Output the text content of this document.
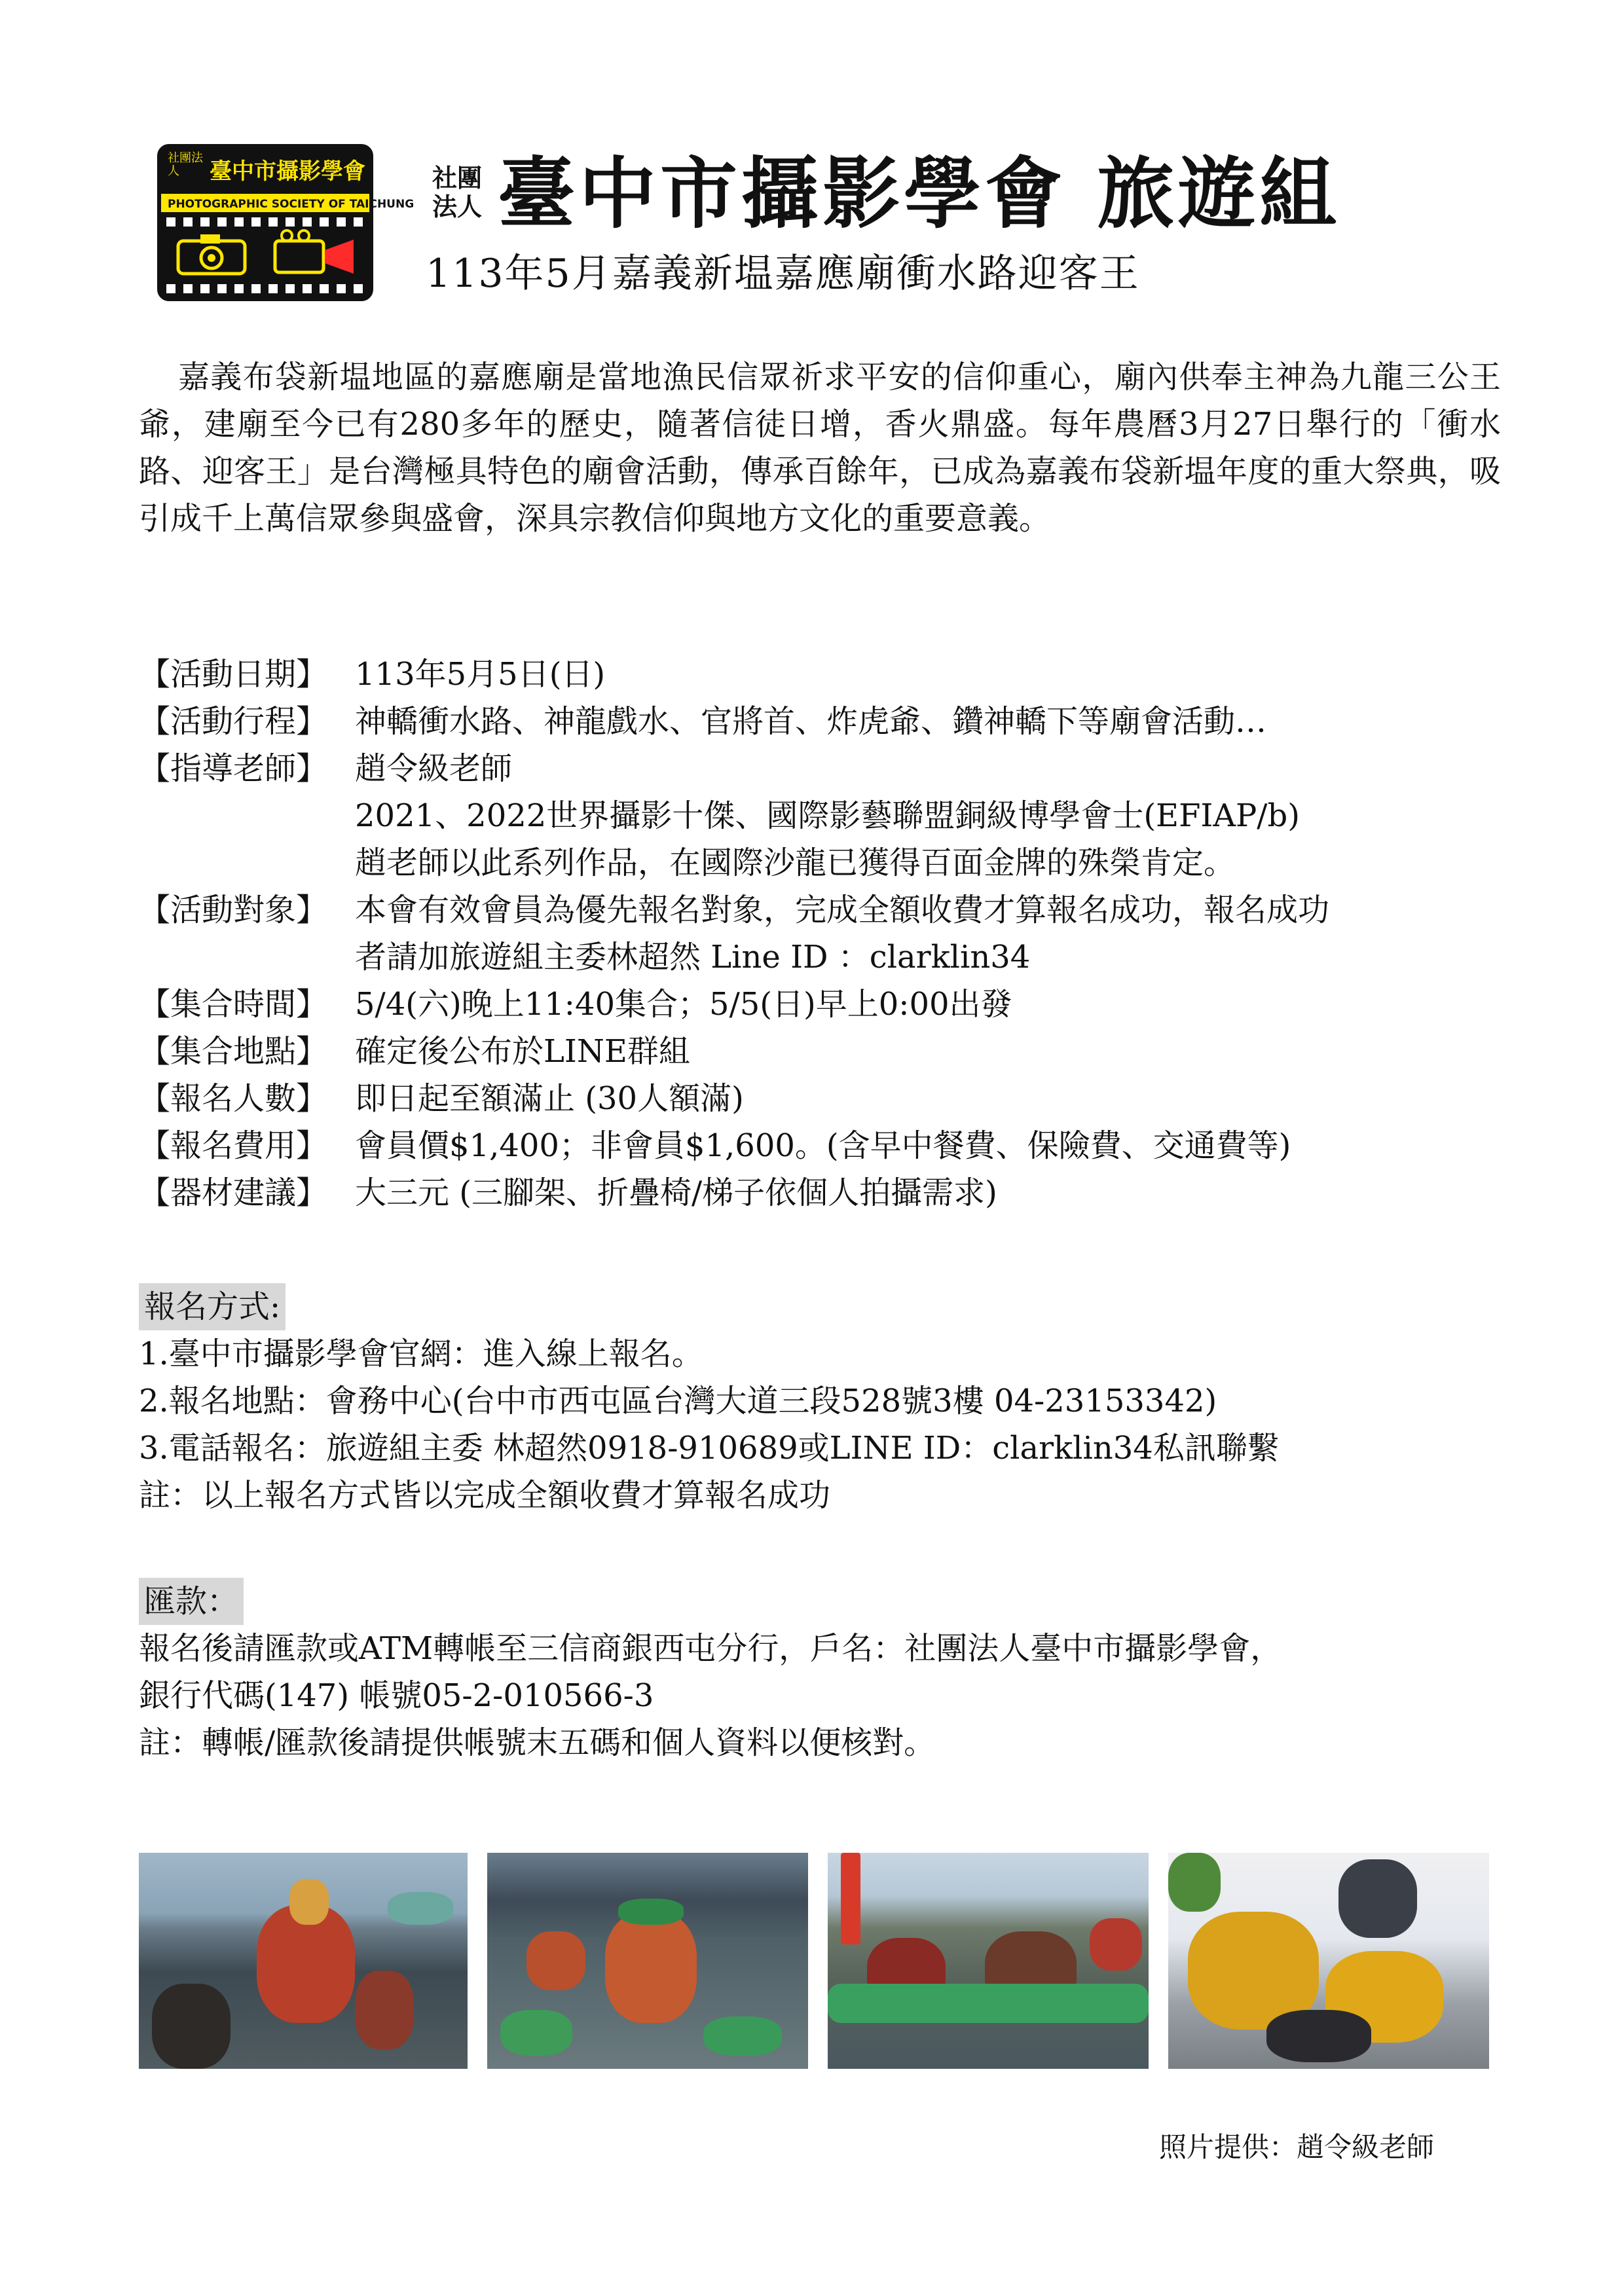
社團法人	臺中市攝影學會
PHOTOGRAPHIC SOCIETY OF TAICHUNG
社團法人 臺中市攝影學會 旅遊組
113年5月嘉義新塭嘉應廟衝水路迎客王

嘉義布袋新塭地區的嘉應廟是當地漁民信眾祈求平安的信仰重心，廟內供奉主神為九龍三公王爺，建廟至今已有280多年的歷史，隨著信徒日增，香火鼎盛。每年農曆3月27日舉行的「衝水路、迎客王」是台灣極具特色的廟會活動，傳承百餘年，已成為嘉義布袋新塭年度的重大祭典，吸引成千上萬信眾參與盛會，深具宗教信仰與地方文化的重要意義。

【活動日期】 113年5月5日(日)
【活動行程】 神轎衝水路、神龍戲水、官將首、炸虎爺、鑽神轎下等廟會活動…
【指導老師】 趙令級老師
2021、2022世界攝影十傑、國際影藝聯盟銅級博學會士(EFIAP/b)
趙老師以此系列作品，在國際沙龍已獲得百面金牌的殊榮肯定。
【活動對象】 本會有效會員為優先報名對象，完成全額收費才算報名成功，報名成功
者請加旅遊組主委林超然 Line ID ：clarklin34
【集合時間】 5/4(六)晚上11:40集合；5/5(日)早上0:00出發
【集合地點】 確定後公布於LINE群組
【報名人數】 即日起至額滿止 (30人額滿)
【報名費用】 會員價$1,400；非會員$1,600。(含早中餐費、保險費、交通費等)
【器材建議】 大三元 (三腳架、折疊椅/梯子依個人拍攝需求)
報名方式:
1.臺中市攝影學會官網：進入線上報名。
2.報名地點：會務中心(台中市西屯區台灣大道三段528號3樓 04-23153342)
3.電話報名：旅遊組主委 林超然0918-910689或LINE ID：clarklin34私訊聯繫
註：以上報名方式皆以完成全額收費才算報名成功
匯款：
報名後請匯款或ATM轉帳至三信商銀西屯分行，戶名：社團法人臺中市攝影學會，
銀行代碼(147) 帳號05-2-010566-3
註：轉帳/匯款後請提供帳號末五碼和個人資料以便核對。
照片提供：趙令級老師
